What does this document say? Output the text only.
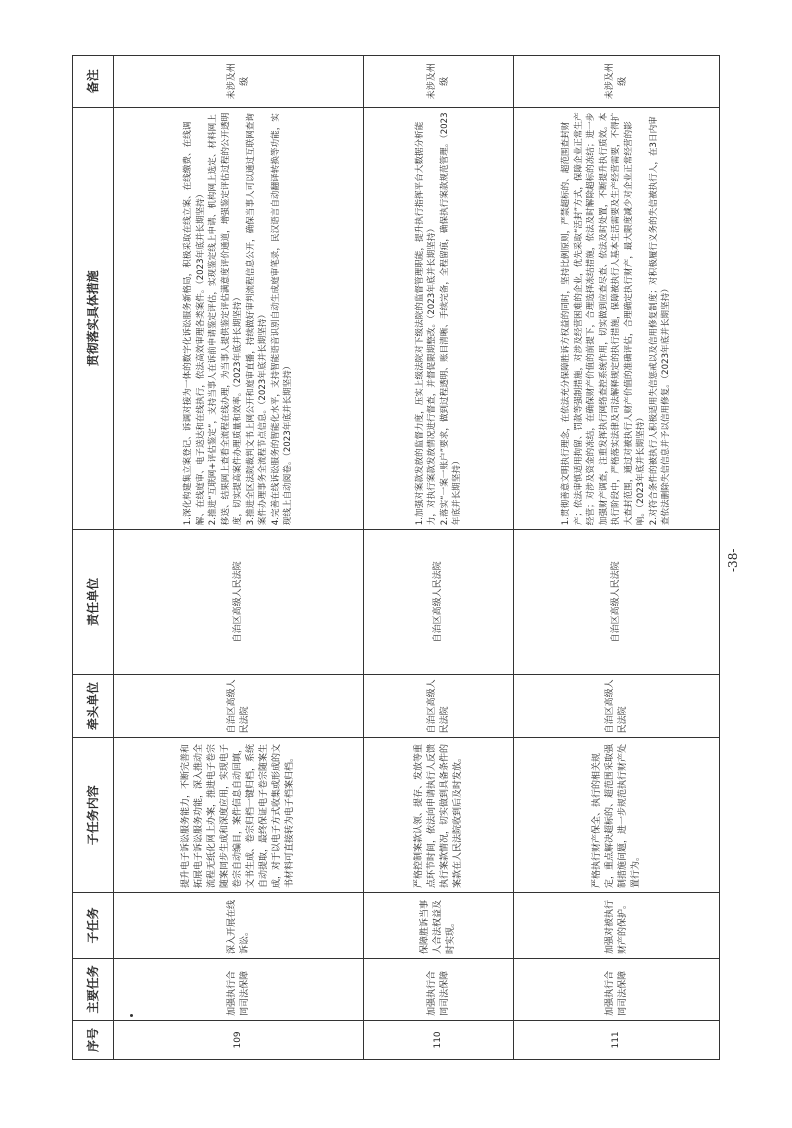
序号	主要任务	子任务	子任务内容	牵头单位	责任单位	贯彻落实具体措施	备注
109	加强执行合同司法保障	深入开展在线诉讼。	提升电子诉讼服务能力，不断完善和拓展电子诉讼服务功能，深入推动全流程无纸化网上办案，推进电子卷宗随案同步生成和深度应用，实现电子卷宗自动编目，案件信息自动回填，文书生成、卷宗归档一键归档，系统自动提取，最终保证电子卷宗随案生成，对于以电子方式收集或形成的文书材料可直接转为电子档案归档。	自治区高级人民法院	自治区高级人民法院	1.深化构建集立案登记、诉调对接为一体的数字化诉讼服务新格局，积极采取在线立案、在线缴费、在线调解、在线庭审、电子送达和在线执行，依法高效审理各类案件。（2023年底并长期坚持） 2.推进“互联网+评估鉴定”，支持当事人在诉前申请鉴定评估，实现鉴定线上申请、机构网上选定、材料网上移送、结果网上查看全流程在线办理，为当事人提供鉴定评估满意度评价通道，增强鉴定评估过程的公开透明度，切实提高案件办理质量和效率。（2023年底并长期坚持） 3.推进全区法院裁判文书上网公开和庭审直播，持续做好审判流程信息公开，确保当事人可以通过互联网查询案件办理事务全流程节点信息。（2023年底并长期坚持） 4.完善在线诉讼服务的智能化水平，支持智能语音识别自动生成庭审笔录，民汉语言自动翻译转换等功能，实现线上自动阅卷。（2023年底并长期坚持）	未涉及州级
110	加强执行合同司法保障	保障胜诉当事人合法权益及时实现。	严格控制案款认领、提存、发放等重点环节时间，依法向申请执行人反馈执行案款情况，切实做到具备条件的案款在人民法院收到后及时发放。	自治区高级人民法院	自治区高级人民法院	1.加强对案款发放的监督力度，压实上级法院对下级法院的监督管理职能，提升执行指挥平台大数据分析能力，对执行案款发放情况进行督查，并督促限期整改。（2023年底并长期坚持） 2.落实“一案一账户”要求，做到过程透明、账目清晰、手续完备，全程留痕，确保执行案款规范管理。（2023年底并长期坚持）	未涉及州级
111	加强执行合同司法保障	加强对被执行财产的保护。	严格执行财产保全、执行的相关规定，重点解决超标的、超范围采取强制措施问题，进一步规范执行财产处置行为。	自治区高级人民法院	自治区高级人民法院	1.贯彻善意文明执行理念，在依法充分保障胜诉方权益的同时，坚持比例原则，严禁超标的、超范围查封财产；依法审慎适用拘留、罚款等强制措施，对涉及经营困难的企业，优先采取“活封”方式，保障企业正常生产经营；对涉及资金的冻结，在确保财产价值的前提下，合理选择冻结措施，依法及时解除超标的冻结；进一步加强财产调查，注重发挥执行网络查控系统作用，切实做到应查尽查、依法及时处置，不断提升执行质效。本执行阶段中，严格落实法律及司法解释规定的执行措施，保障被执行人基本生活需要及生产经营需要，不得扩大查封范围，通过对被执行人财产价值的准确评估，合理确定执行财产，最大限度减少对企业正常经营的影响。（2023年底并长期坚持） 2.对符合条件的被执行人积极适用失信惩戒以及信用修复制度；对积极履行义务的失信被执行人，在3日内审查依法删除失信信息并予以信用修复。（2023年底并长期坚持）	未涉及州级
-38-
